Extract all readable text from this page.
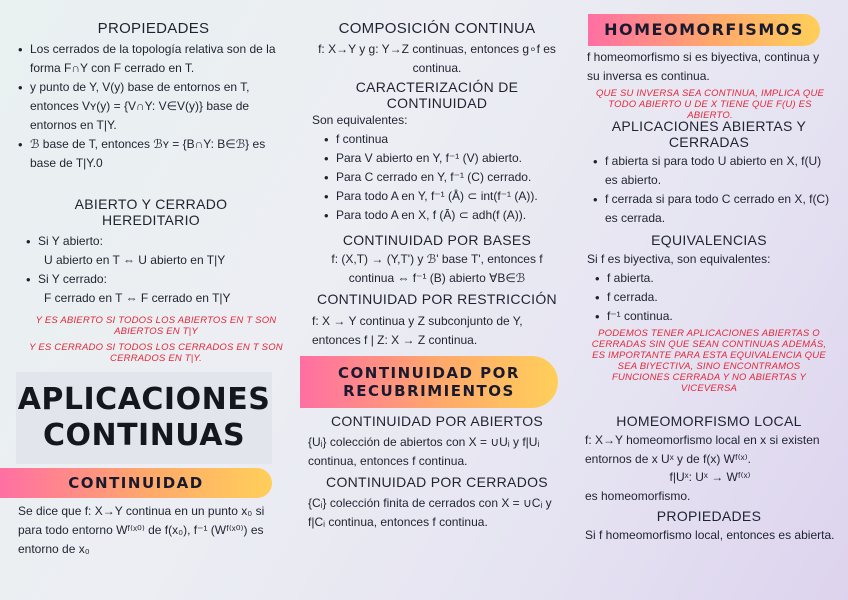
PROPIEDADES
• Los cerrados de la topología relativa son de la forma F∩Y con F cerrado en T.
• y punto de Y, V(y) base de entornos en T, entonces Vʏ(y) = {V∩Y: V∈V(y)} base de entornos en T|Y.
• ℬ base de T, entonces ℬʏ = {B∩Y: B∈ℬ} es base de T|Y.0
ABIERTO Y CERRADO HEREDITARIO
• Si Y abierto:
U abierto en T ⇔ U abierto en T|Y
• Si Y cerrado:
F cerrado en T ⇔ F cerrado en T|Y
Y ES ABIERTO SI TODOS LOS ABIERTOS EN T SON ABIERTOS EN T|Y
Y ES CERRADO SI TODOS LOS CERRADOS EN T SON CERRADOS EN T|Y.
APLICACIONES CONTINUAS
CONTINUIDAD
Se dice que f: X→Y continua en un punto x₀ si para todo entorno Wᶠ⁽ˣ⁰⁾ de f(x₀), f⁻¹ (Wᶠ⁽ˣ⁰⁾) es entorno de x₀
COMPOSICIÓN CONTINUA
f: X→Y y g: Y→Z continuas, entonces g∘f es continua.
CARACTERIZACIÓN DE CONTINUIDAD
Son equivalentes:
• f continua
• Para V abierto en Y, f⁻¹ (V) abierto.
• Para C cerrado en Y, f⁻¹ (C) cerrado.
• Para todo A en Y, f⁻¹ (Å) ⊂ int(f⁻¹ (A)).
• Para todo A en X, f (Ā) ⊂ adh(f (A)).
CONTINUIDAD POR BASES
f: (X,T) → (Y,T') y ℬ' base T', entonces f continua ⇔ f⁻¹ (B) abierto ∀B∈ℬ
CONTINUIDAD POR RESTRICCIÓN
f: X → Y continua y Z subconjunto de Y, entonces f | Z: X → Z continua.
CONTINUIDAD POR RECUBRIMIENTOS
CONTINUIDAD POR ABIERTOS
{Uᵢ} colección de abiertos con X = ∪Uᵢ y f|Uᵢ continua, entonces f continua.
CONTINUIDAD POR CERRADOS
{Cᵢ} colección finita de cerrados con X = ∪Cᵢ y f|Cᵢ continua, entonces f continua.
HOMEOMORFISMOS
f homeomorfismo si es biyectiva, continua y su inversa es continua.
QUE SU INVERSA SEA CONTINUA, IMPLICA QUE TODO ABIERTO U DE X TIENE QUE F(U) ES ABIERTO.
APLICACIONES ABIERTAS Y CERRADAS
• f abierta si para todo U abierto en X, f(U) es abierto.
• f cerrada si para todo C cerrado en X, f(C) es cerrada.
EQUIVALENCIAS
Si f es biyectiva, son equivalentes:
• f abierta.
• f cerrada.
• f⁻¹ continua.
PODEMOS TENER APLICACIONES ABIERTAS O CERRADAS SIN QUE SEAN CONTINUAS ADEMÁS, ES IMPORTANTE PARA ESTA EQUIVALENCIA QUE SEA BIYECTIVA, SINO ENCONTRAMOS FUNCIONES CERRADA Y NO ABIERTAS Y VICEVERSA
HOMEOMORFISMO LOCAL
f: X→Y homeomorfismo local en x si existen entornos de x Uˣ y de f(x) Wᶠ⁽ˣ⁾.
f|Uˣ: Uˣ → Wᶠ⁽ˣ⁾
es homeomorfismo.
PROPIEDADES
Si f homeomorfismo local, entonces es abierta.
